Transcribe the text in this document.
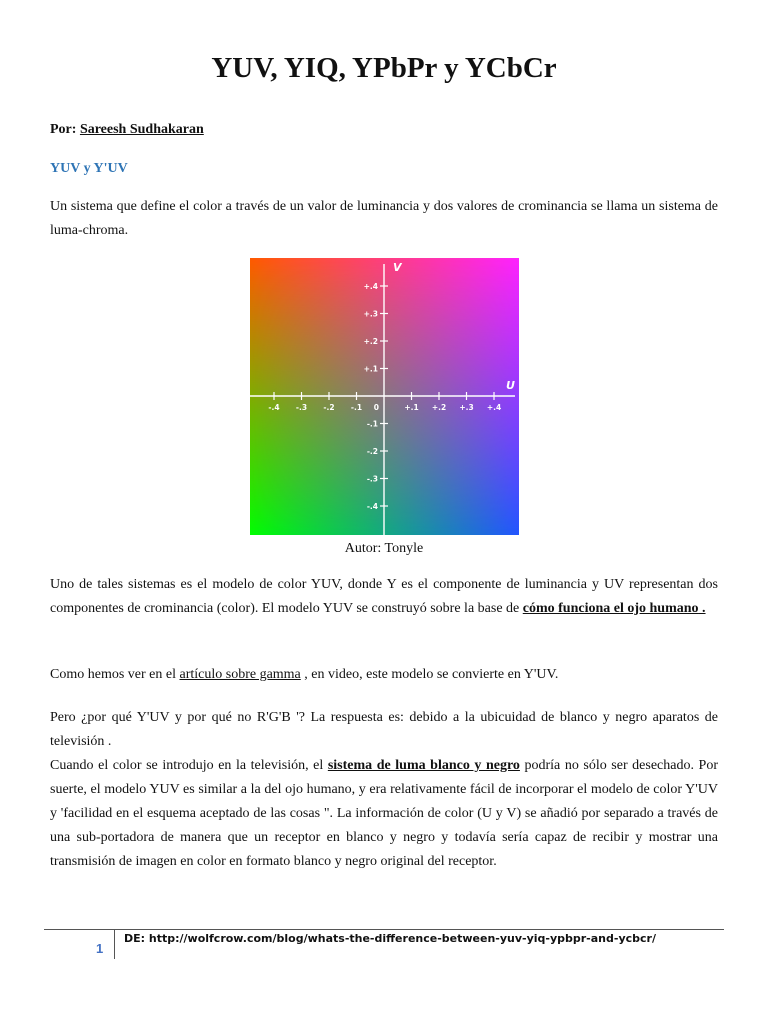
YUV, YIQ, YPbPr y YCbCr
Por: Sareesh Sudhakaran
YUV y Y'UV

Un sistema que define el color a través de un valor de luminancia y dos valores de crominancia se llama un sistema de luma-chroma.

-.4 -.3 -.2 -.1 0	+.1 +.2 +.3 +.4
+.4
+.3
+.2
+.1
-.1
-.2
-.3
-.4
V
U
Autor: Tonyle

Uno de tales sistemas es el modelo de color YUV, donde Y es el componente de luminancia y UV representan dos componentes de crominancia (color). El modelo YUV se construyó sobre la base de cómo funciona el ojo humano .

Como hemos ver en el artículo sobre gamma , en video, este modelo se convierte en Y'UV.

Pero ¿por qué Y'UV y por qué no R'G'B '? La respuesta es: debido a la ubicuidad de blanco y negro aparatos de televisión .
Cuando el color se introdujo en la televisión, el sistema de luma blanco y negro podría no sólo ser desechado. Por suerte, el modelo YUV es similar a la del ojo humano, y era relativamente fácil de incorporar el modelo de color Y'UV y 'facilidad en el esquema aceptado de las cosas ". La información de color (U y V) se añadió por separado a través de una sub-portadora de manera que un receptor en blanco y negro y todavía sería capaz de recibir y mostrar una transmisión de imagen en color en formato blanco y negro original del receptor.

1
DE: http://wolfcrow.com/blog/whats-the-difference-between-yuv-yiq-ypbpr-and-ycbcr/
